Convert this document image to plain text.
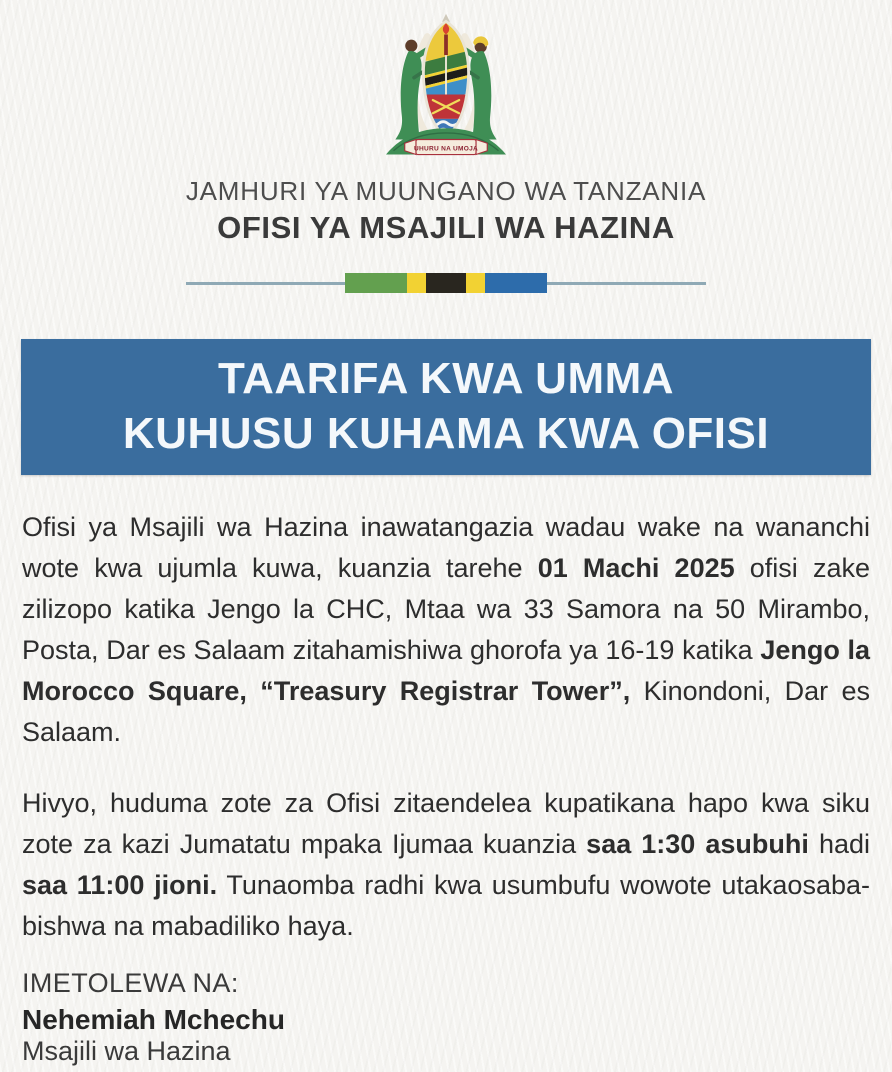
UHURU NA UMOJA
JAMHURI YA MUUNGANO WA TANZANIA
OFISI YA MSAJILI WA HAZINA
TAARIFA KWA UMMA
KUHUSU KUHAMA KWA OFISI

Ofisi ya Msajili wa Hazina inawatangazia wadau wake na wananchi wote kwa ujumla kuwa, kuanzia tarehe 01 Machi 2025 ofisi zake zilizopo katika Jengo la CHC, Mtaa wa 33 Samora na 50 Mirambo, Posta, Dar es Salaam zitahamishiwa ghorofa ya 16-19 katika Jengo la Morocco Square, “Treasury Registrar Tower”, Kinondoni, Dar es Salaam.

Hivyo, huduma zote za Ofisi zitaendelea kupatikana hapo kwa siku zote za kazi Jumatatu mpaka Ijumaa kuanzia saa 1:30 asubuhi hadi saa 11:00 jioni. Tunaomba radhi kwa usumbufu wowote utakaosababishwa na mabadiliko haya.

IMETOLEWA NA:
Nehemiah Mchechu
Msajili wa Hazina
